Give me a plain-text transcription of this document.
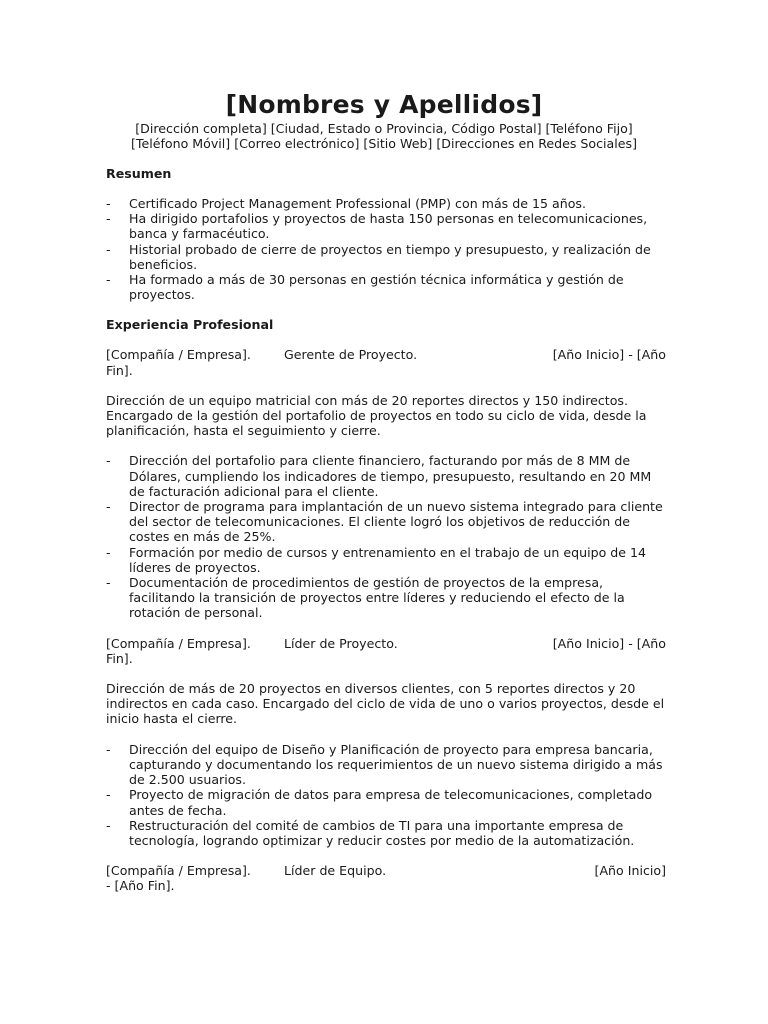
[Nombres y Apellidos]
[Dirección completa] [Ciudad, Estado o Provincia, Código Postal] [Teléfono Fijo]
[Teléfono Móvil] [Correo electrónico] [Sitio Web] [Direcciones en Redes Sociales]
Resumen
- Certificado Project Management Professional (PMP) con más de 15 años.
- Ha dirigido portafolios y proyectos de hasta 150 personas en telecomunicaciones, banca y farmacéutico.
- Historial probado de cierre de proyectos en tiempo y presupuesto, y realización de beneficios.
- Ha formado a más de 30 personas en gestión técnica informática y gestión de proyectos.
Experiencia Profesional
[Compañía / Empresa].	Gerente de Proyecto.	[Año Inicio] - [Año
Fin].

Dirección de un equipo matricial con más de 20 reportes directos y 150 indirectos. Encargado de la gestión del portafolio de proyectos en todo su ciclo de vida, desde la planificación, hasta el seguimiento y cierre.

- Dirección del portafolio para cliente financiero, facturando por más de 8 MM de Dólares, cumpliendo los indicadores de tiempo, presupuesto, resultando en 20 MM de facturación adicional para el cliente.
- Director de programa para implantación de un nuevo sistema integrado para cliente del sector de telecomunicaciones. El cliente logró los objetivos de reducción de costes en más de 25%.
- Formación por medio de cursos y entrenamiento en el trabajo de un equipo de 14 líderes de proyectos.
- Documentación de procedimientos de gestión de proyectos de la empresa, facilitando la transición de proyectos entre líderes y reduciendo el efecto de la rotación de personal.
[Compañía / Empresa].	Líder de Proyecto.	[Año Inicio] - [Año
Fin].

Dirección de más de 20 proyectos en diversos clientes, con 5 reportes directos y 20 indirectos en cada caso. Encargado del ciclo de vida de uno o varios proyectos, desde el inicio hasta el cierre.

- Dirección del equipo de Diseño y Planificación de proyecto para empresa bancaria, capturando y documentando los requerimientos de un nuevo sistema dirigido a más de 2.500 usuarios.
- Proyecto de migración de datos para empresa de telecomunicaciones, completado antes de fecha.
- Restructuración del comité de cambios de TI para una importante empresa de tecnología, logrando optimizar y reducir costes por medio de la automatización.
[Compañía / Empresa].	Líder de Equipo.	[Año Inicio]
- [Año Fin].
